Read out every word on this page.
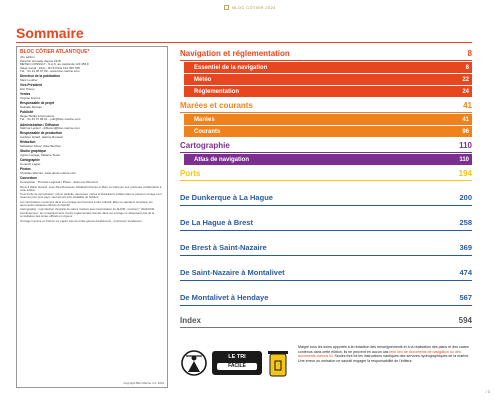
BLOC CÔTIER 2024
Sommaire
BLOC CÔTIER ATLANTIQUE*
47e édition
Parution annuelle depuis 1978
MÉTÉO CONSULT - S.A.S. au capital de 123 456 €
Siège social : Paris - RCS Paris 123 456 789
Tél. : 01 23 45 67 89 - www.bloc-marine.com
Directeur de la publication
Marc Leuther
Vice-Président
Eric Prioux
Ventes
Virginie Ducros
Responsable de projet
Nathalie Moreau
Publicité
Régie Média Informations
Tél. : 01 45 67 89 01 - pub@bloc-marine.com
Administration / Diffusion
Sabrina Leclerc - diffusion@bloc-marine.com
Responsable de production
Aurélien Girard, Hélène Roussel
Rédaction
Sébastien Morel, Alice Berthier
Studio graphique
Agnès Lepage, Mélanie Texier
Cartographie
Corentin Lagier
Photos
Christian Warnier, www.photo-marine.com
Couverture
Conception : Thomas Legrand / Photo : Jean-Luc Rémond
Merci à Didier Durand, Jean-Paul Rousseau, Elisabeth Morvan et Marc Le Gall pour leur précieuse collaboration à cette édition.
Tous droits de reproduction, même partielle, des textes, cartes et illustrations publiés dans le présent ouvrage sont réservés pour tous pays, sauf accord écrit préalable de l'éditeur.
Les informations contenues dans cet ouvrage sont fournies à titre indicatif. Elles ne sauraient remplacer les documents nautiques officiels du SHOM.
Cartographie : reproduction d'extraits de cartes marines avec l'autorisation du SHOM - Contrat n° 2024/0132.
Avertissement : les renseignements d'ordre réglementaire donnés dans cet ouvrage ne dispensent pas de la consultation des textes officiels en vigueur.
Ouvrage imprimé en France sur papier issu de forêts gérées durablement - Imprimerie Vendéenne.
Copyright Bloc Marine, Inc. 2024
Navigation et réglementation	8
Essentiel de la navigation	8
Météo	22
Réglementation	24
Marées et courants	41
Marées	41
Courants	96
Cartographie	110
Atlas de navigation	110
Ports	194
De Dunkerque à La Hague	200
De La Hague à Brest	258
De Brest à Saint-Nazaire	369
De Saint-Nazaire à Montalivet	474
De Montalivet à Hendaye	567
Index	594
LE TRI
FACILE
Malgré tous les soins apportés à la rédaction des renseignements et à la réalisation des plans et des cartes contenus dans cette édition, ils ne peuvent en aucun cas tenir lieu de documents de navigation ou des documents connus ici. Seules font foi les instructions nautiques des services hydrographiques de la marine. Une erreur ou omission ne saurait engager la responsabilité de l'éditeur.
/ 3
